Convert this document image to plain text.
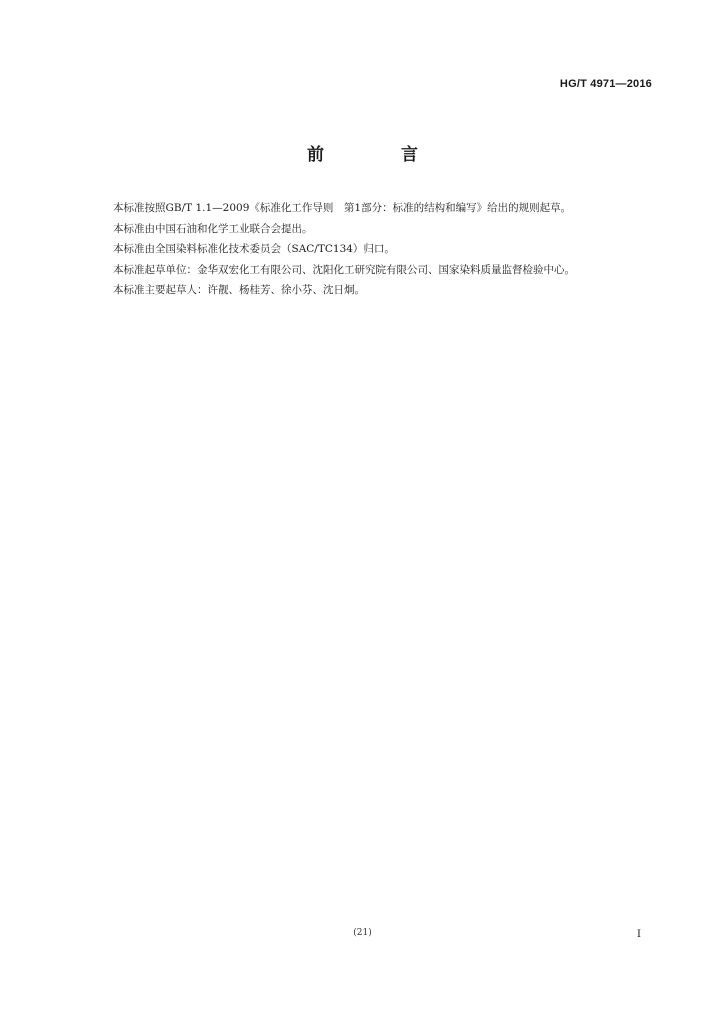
HG/T 4971—2016
前　言

本标准按照GB/T 1.1—2009《标准化工作导则　第1部分：标准的结构和编写》给出的规则起草。

本标准由中国石油和化学工业联合会提出。

本标准由全国染料标准化技术委员会（SAC/TC134）归口。

本标准起草单位：金华双宏化工有限公司、沈阳化工研究院有限公司、国家染料质量监督检验中心。

本标准主要起草人：许靓、杨桂芳、徐小芬、沈日炯。

(21)	I
